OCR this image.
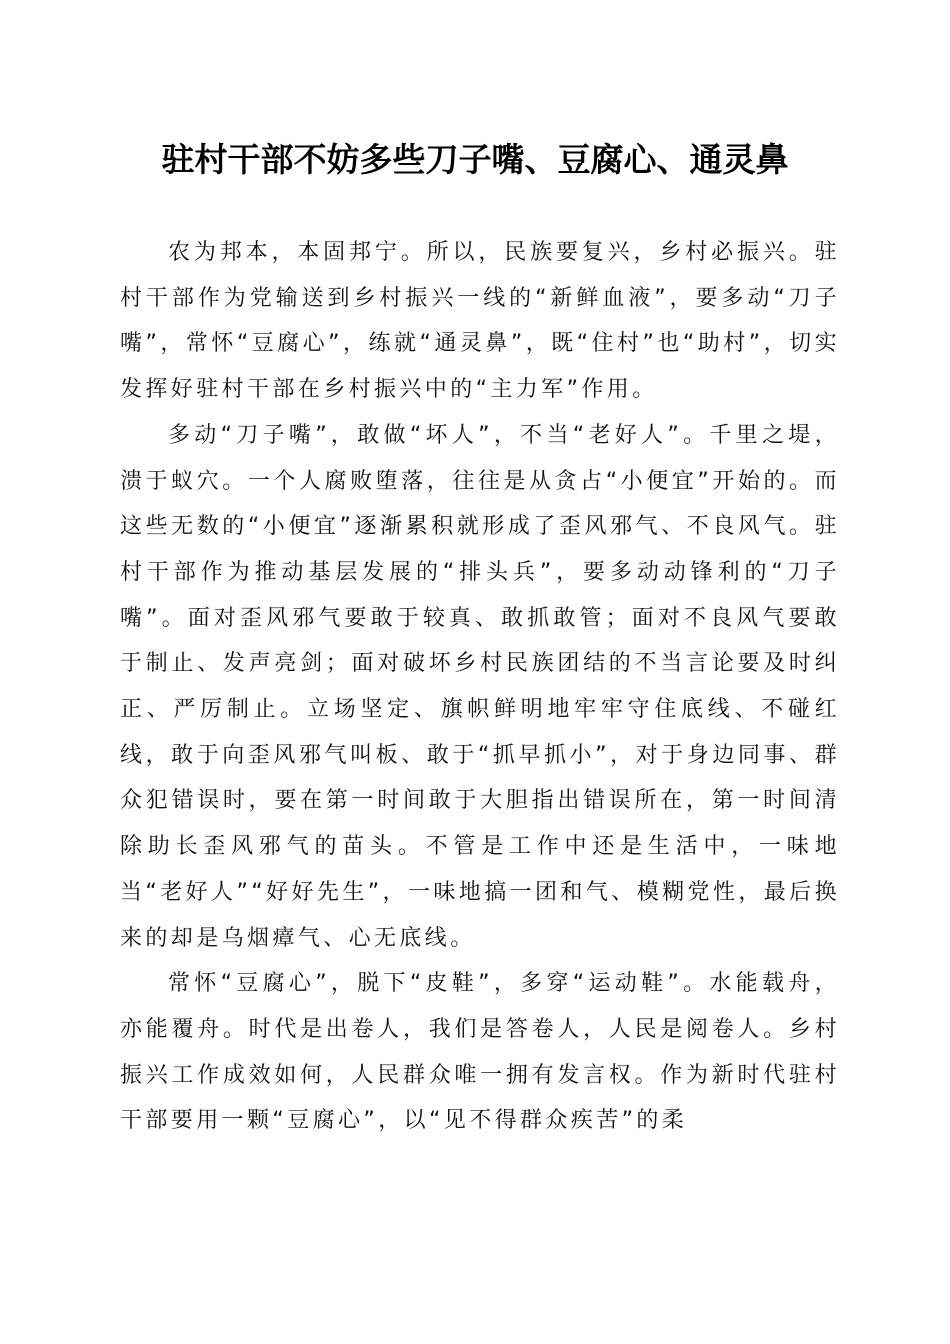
驻村干部不妨多些刀子嘴、豆腐心、通灵鼻

农为邦本，本固邦宁。所以，民族要复兴，乡村必振兴。驻村干部作为党输送到乡村振兴一线的“新鲜血液”，要多动“刀子嘴”，常怀“豆腐心”，练就“通灵鼻”，既“住村”也“助村”，切实发挥好驻村干部在乡村振兴中的“主力军”作用。

多动“刀子嘴”，敢做“坏人”，不当“老好人”。千里之堤，溃于蚁穴。一个人腐败堕落，往往是从贪占“小便宜”开始的。而这些无数的“小便宜”逐渐累积就形成了歪风邪气、不良风气。驻村干部作为推动基层发展的“排头兵”，要多动动锋利的“刀子嘴”。面对歪风邪气要敢于较真、敢抓敢管；面对不良风气要敢于制止、发声亮剑；面对破坏乡村民族团结的不当言论要及时纠正、严厉制止。立场坚定、旗帜鲜明地牢牢守住底线、不碰红线，敢于向歪风邪气叫板、敢于“抓早抓小”，对于身边同事、群众犯错误时，要在第一时间敢于大胆指出错误所在，第一时间清除助长歪风邪气的苗头。不管是工作中还是生活中，一味地当“老好人”“好好先生”，一味地搞一团和气、模糊党性，最后换来的却是乌烟瘴气、心无底线。

常怀“豆腐心”，脱下“皮鞋”，多穿“运动鞋”。水能载舟，亦能覆舟。时代是出卷人，我们是答卷人，人民是阅卷人。乡村振兴工作成效如何，人民群众唯一拥有发言权。作为新时代驻村干部要用一颗“豆腐心”，以“见不得群众疾苦”的柔
